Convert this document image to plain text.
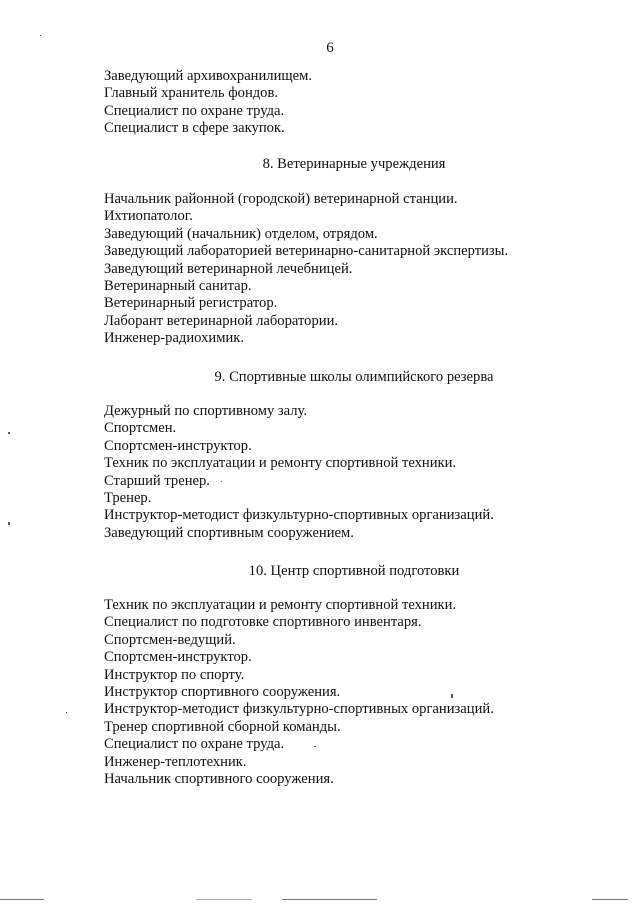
6
Заведующий архивохранилищем.
Главный хранитель фондов.
Специалист по охране труда.
Специалист в сфере закупок.
8. Ветеринарные учреждения
Начальник районной (городской) ветеринарной станции.
Ихтиопатолог.
Заведующий (начальник) отделом, отрядом.
Заведующий лабораторией ветеринарно-санитарной экспертизы.
Заведующий ветеринарной лечебницей.
Ветеринарный санитар.
Ветеринарный регистратор.
Лаборант ветеринарной лаборатории.
Инженер-радиохимик.
9. Спортивные школы олимпийского резерва
Дежурный по спортивному залу.
Спортсмен.
Спортсмен-инструктор.
Техник по эксплуатации и ремонту спортивной техники.
Старший тренер.
Тренер.
Инструктор-методист физкультурно-спортивных организаций.
Заведующий спортивным сооружением.
10. Центр спортивной подготовки
Техник по эксплуатации и ремонту спортивной техники.
Специалист по подготовке спортивного инвентаря.
Спортсмен-ведущий.
Спортсмен-инструктор.
Инструктор по спорту.
Инструктор спортивного сооружения.
Инструктор-методист физкультурно-спортивных организаций.
Тренер спортивной сборной команды.
Специалист по охране труда.
Инженер-теплотехник.
Начальник спортивного сооружения.
